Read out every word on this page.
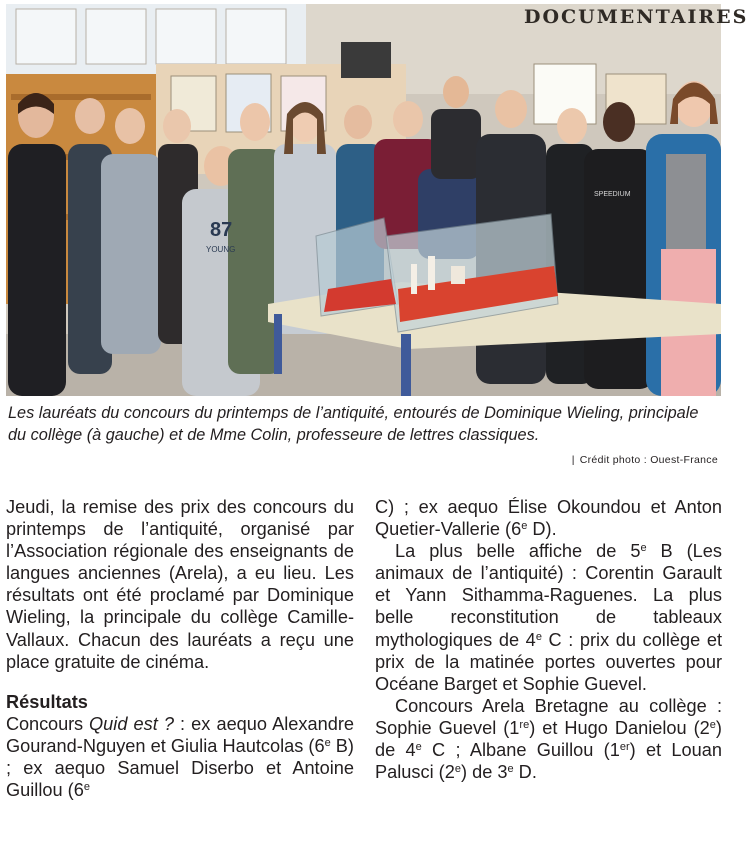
87
YOUNG
SPEEDIUM
DOCUMENTAIRES
Les lauréats du concours du printemps de l’antiquité, entourés de Dominique Wieling, principale du collège (à gauche) et de Mme Colin, professeure de lettres classiques.
| Crédit photo : Ouest-France

Jeudi, la remise des prix des concours du printemps de l’antiquité, organisé par l’Association régionale des enseignants de langues anciennes (Arela), a eu lieu. Les résultats ont été proclamé par Dominique Wieling, la principale du collège Camille-Vallaux. Chacun des lauréats a reçu une place gratuite de cinéma.

Résultats

Concours Quid est ? : ex aequo Alexandre Gourand-Nguyen et Giulia Hautcolas (6e B) ; ex aequo Samuel Diserbo et Antoine Guillou (6e

C) ; ex aequo Élise Okoundou et Anton Quetier-Vallerie (6e D).

La plus belle affiche de 5e B (Les animaux de l’antiquité) : Corentin Garault et Yann Sithamma-Raguenes. La plus belle reconstitution de tableaux mythologiques de 4e C : prix du collège et prix de la matinée portes ouvertes pour Océane Barget et Sophie Guevel.

Concours Arela Bretagne au collège : Sophie Guevel (1re) et Hugo Danielou (2e) de 4e C ; Albane Guillou (1er) et Louan Palusci (2e) de 3e D.
